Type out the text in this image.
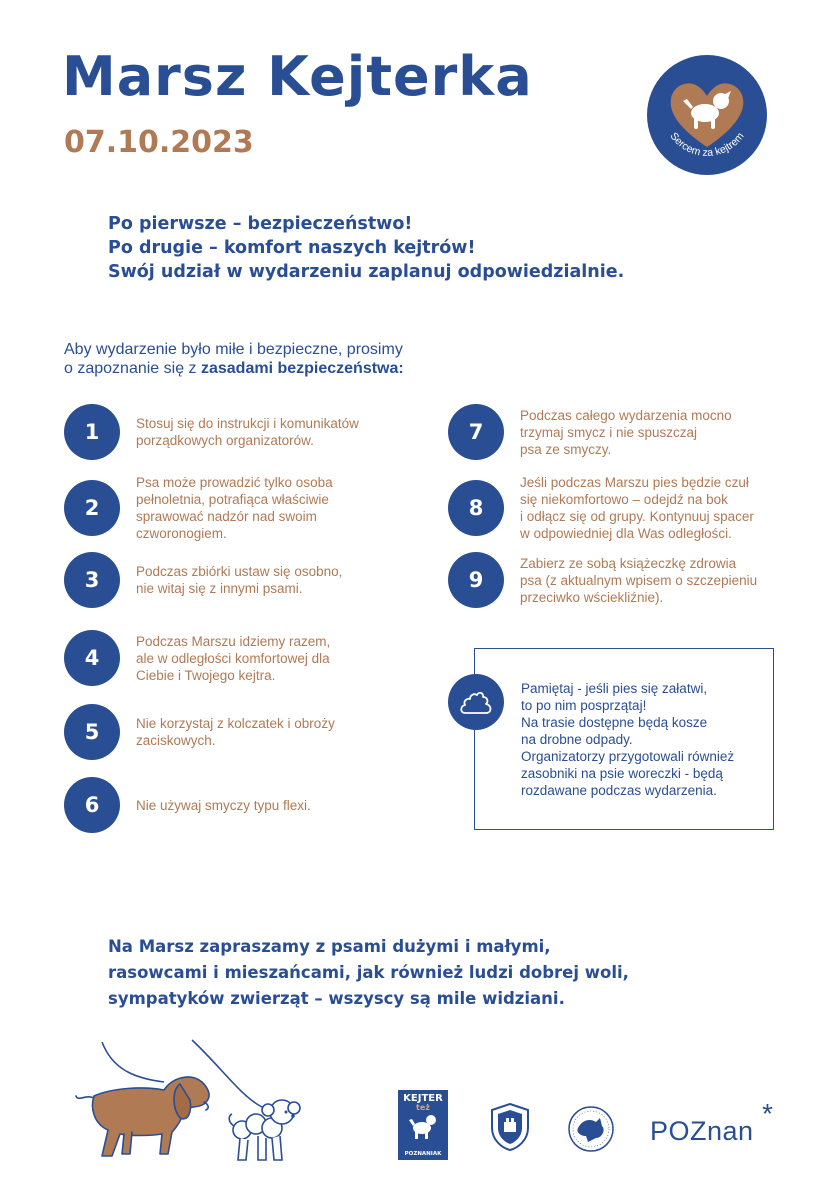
Marsz Kejterka
07.10.2023	Sercem za kejtrem
Po pierwsze – bezpieczeństwo!
Po drugie – komfort naszych kejtrów!
Swój udział w wydarzeniu zaplanuj odpowiedzialnie.
Aby wydarzenie było miłe i bezpieczne, prosimy
o zapoznanie się z zasadami bezpieczeństwa:
1	Stosuj się do instrukcji i komunikatów
porządkowych organizatorów.
2
Psa może prowadzić tylko osoba
pełnoletnia, potrafiąca właściwie
sprawować nadzór nad swoim
czworonogiem.
3	Podczas zbiórki ustaw się osobno,
nie witaj się z innymi psami.
4
Podczas Marszu idziemy razem,
ale w odległości komfortowej dla
Ciebie i Twojego kejtra.
5	Nie korzystaj z kolczatek i obroży
zaciskowych.
6	Nie używaj smyczy typu flexi.
7
Podczas całego wydarzenia mocno
trzymaj smycz i nie spuszczaj
psa ze smyczy.
8
Jeśli podczas Marszu pies będzie czuł
się niekomfortowo – odejdź na bok
i odłącz się od grupy. Kontynuuj spacer
w odpowiedniej dla Was odległości.
9
Zabierz ze sobą książeczkę zdrowia
psa (z aktualnym wpisem o szczepieniu
przeciwko wściekliźnie).
Pamiętaj - jeśli pies się załatwi,
to po nim posprzątaj!
Na trasie dostępne będą kosze
na drobne odpady.
Organizatorzy przygotowali również
zasobniki na psie woreczki - będą
rozdawane podczas wydarzenia.
Na Marsz zapraszamy z psami dużymi i małymi,
rasowcami i mieszańcami, jak również ludzi dobrej woli,
sympatyków zwierząt – wszyscy są mile widziani.
KEJTER
też
POZNANIAK
POZnan
*
